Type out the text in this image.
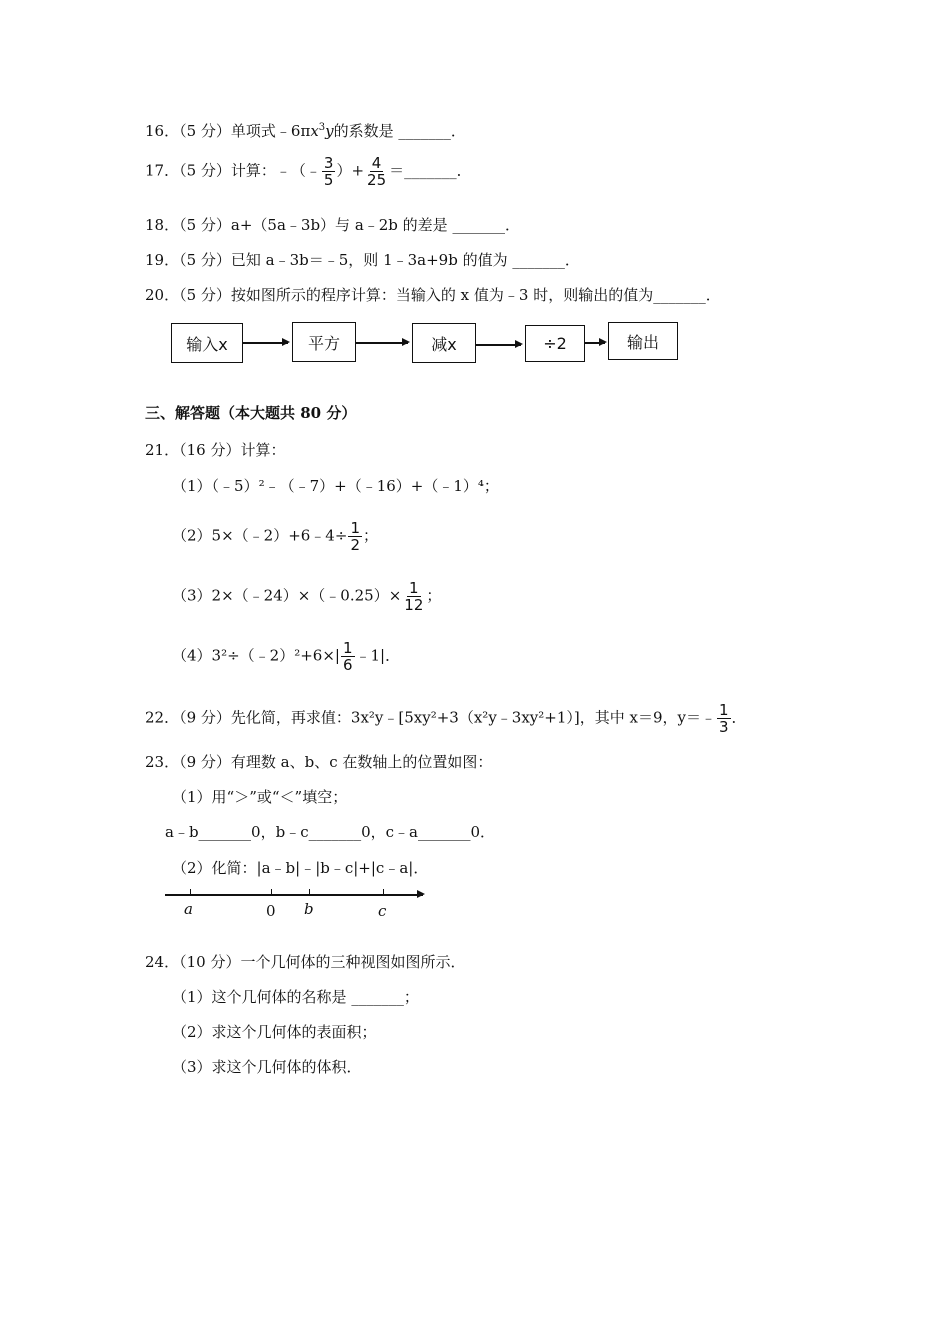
16．（5 分）单项式$﹣6\pi x^3y$的系数是 _______．
17．（5 分）计算：﹣（﹣ $\frac{3}{5}$ ）+ $\frac{4}{25}$ ＝_______．
18．（5 分）a+（5a﹣3b）与 a﹣2b 的差是 _______．
19．（5 分）已知 a﹣3b＝﹣5，则 1﹣3a+9b 的值为 _______．
20．（5 分）按如图所示的程序计算：当输入的 x 值为﹣3 时，则输出的值为_______．
输入x	平方	减x	÷2	输出
三、解答题（本大题共 80 分）
21．（16 分）计算：
（1）（﹣5）²﹣（﹣7）+（﹣16）+（﹣1）⁴；
（2）5×（﹣2）+6﹣4÷ $\frac{1}{2}$ ；
（3）2×（﹣24）×（﹣0.25）× $\frac{1}{12}$ ；
（4）3²÷（﹣2）²+6×| $\frac{1}{6}$ ﹣1|．
22．（9 分）先化简，再求值：3x²y﹣[5xy²+3（x²y﹣3xy²+1）]，其中 x＝9，y＝﹣ $\frac{1}{3}$ ．
23．（9 分）有理数 a、b、c 在数轴上的位置如图：
（1）用“＞”或“＜”填空；
a﹣b_______0，b﹣c_______0，c﹣a_______0．
（2）化简：|a﹣b|﹣|b﹣c|+|c﹣a|．
a	0 b	c
24．（10 分）一个几何体的三种视图如图所示．
（1）这个几何体的名称是 _______；
（2）求这个几何体的表面积；
（3）求这个几何体的体积．
